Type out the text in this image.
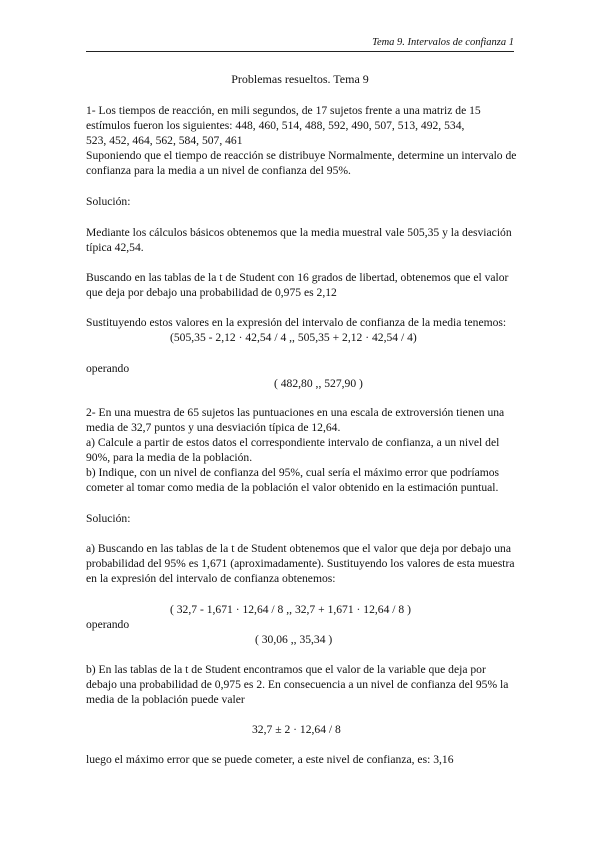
Tema 9. Intervalos de confianza 1
Problemas resueltos. Tema 9
1- Los tiempos de reacción, en mili segundos, de 17 sujetos frente a una matriz de 15
estímulos fueron los siguientes: 448, 460, 514, 488, 592, 490, 507, 513, 492, 534,
523, 452, 464, 562, 584, 507, 461
Suponiendo que el tiempo de reacción se distribuye Normalmente, determine un intervalo de
confianza para la media a un nivel de confianza del 95%.
Solución:
Mediante los cálculos básicos obtenemos que la media muestral vale 505,35 y la desviación
típica 42,54.
Buscando en las tablas de la t de Student con 16 grados de libertad, obtenemos que el valor
que deja por debajo una probabilidad de 0,975 es 2,12
Sustituyendo estos valores en la expresión del intervalo de confianza de la media tenemos:
(505,35 - 2,12 · 42,54 / 4 ,, 505,35 + 2,12 · 42,54 / 4)
operando
( 482,80 ,, 527,90 )
2- En una muestra de 65 sujetos las puntuaciones en una escala de extroversión tienen una
media de 32,7 puntos y una desviación típica de 12,64.
a) Calcule a partir de estos datos el correspondiente intervalo de confianza, a un nivel del
90%, para la media de la población.
b) Indique, con un nivel de confianza del 95%, cual sería el máximo error que podríamos
cometer al tomar como media de la población el valor obtenido en la estimación puntual.
Solución:
a) Buscando en las tablas de la t de Student obtenemos que el valor que deja por debajo una
probabilidad del 95% es 1,671 (aproximadamente). Sustituyendo los valores de esta muestra
en la expresión del intervalo de confianza obtenemos:
( 32,7 - 1,671 · 12,64 / 8 ,, 32,7 + 1,671 · 12,64 / 8 )
operando
( 30,06 ,, 35,34 )
b) En las tablas de la t de Student encontramos que el valor de la variable que deja por
debajo una probabilidad de 0,975 es 2. En consecuencia a un nivel de confianza del 95% la
media de la población puede valer
32,7 ± 2 · 12,64 / 8
luego el máximo error que se puede cometer, a este nivel de confianza, es: 3,16
